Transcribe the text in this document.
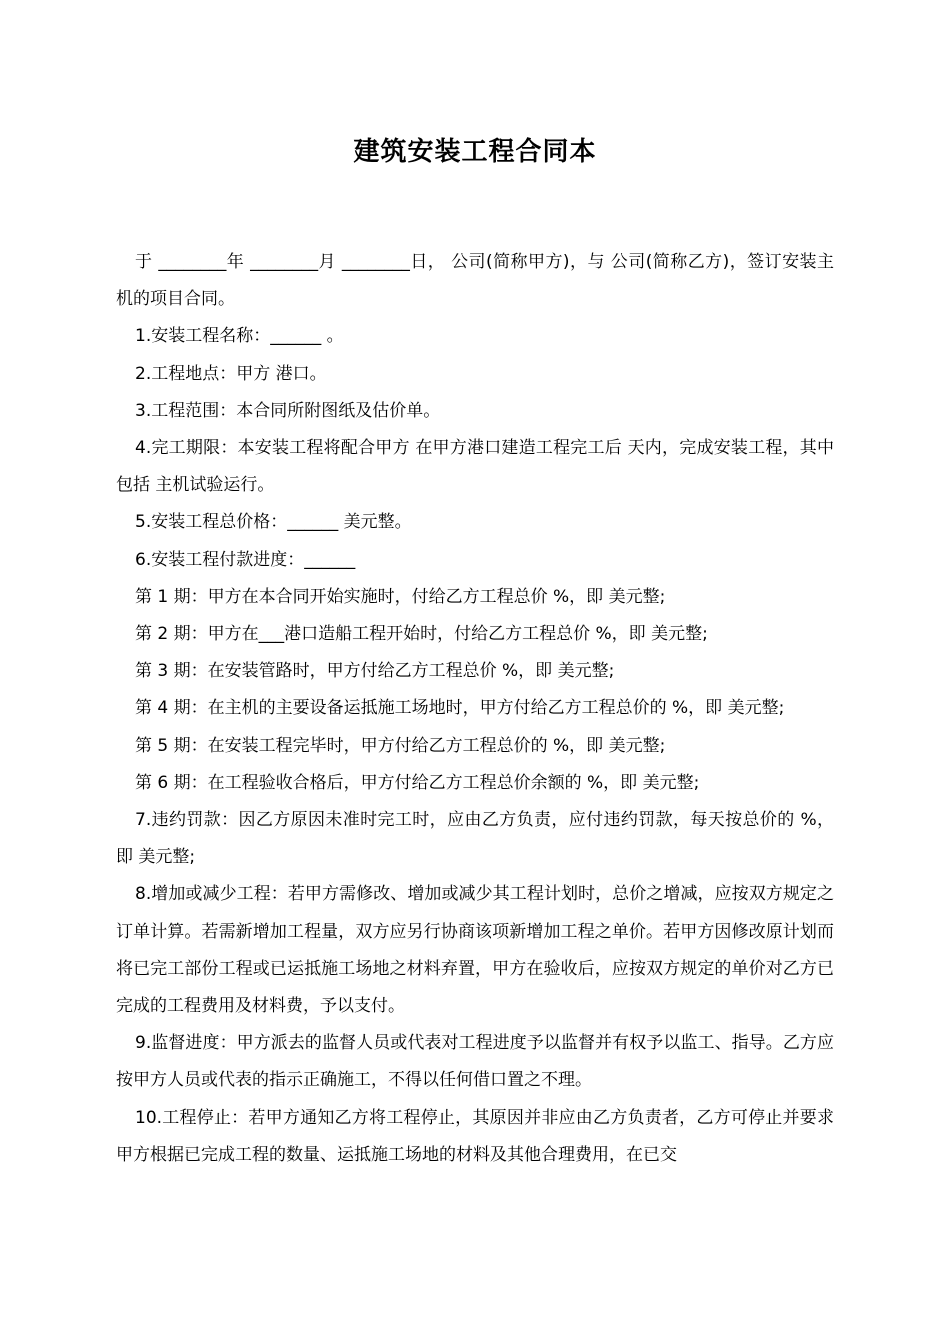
建筑安装工程合同本

于 ________年 ________月 ________日， 公司(简称甲方)，与 公司(简称乙方)，签订安装主机的项目合同。

1.安装工程名称：______ 。

2.工程地点：甲方 港口。

3.工程范围：本合同所附图纸及估价单。

4.完工期限：本安装工程将配合甲方 在甲方港口建造工程完工后 天内，完成安装工程，其中包括 主机试验运行。

5.安装工程总价格：______ 美元整。

6.安装工程付款进度：______

第 1 期：甲方在本合同开始实施时，付给乙方工程总价 %，即 美元整;

第 2 期：甲方在___港口造船工程开始时，付给乙方工程总价 %，即 美元整;

第 3 期：在安装管路时，甲方付给乙方工程总价 %，即 美元整;

第 4 期：在主机的主要设备运抵施工场地时，甲方付给乙方工程总价的 %，即 美元整;

第 5 期：在安装工程完毕时，甲方付给乙方工程总价的 %，即 美元整;

第 6 期：在工程验收合格后，甲方付给乙方工程总价余额的 %，即 美元整;

7.违约罚款：因乙方原因未准时完工时，应由乙方负责，应付违约罚款，每天按总价的 %，即 美元整;

8.增加或减少工程：若甲方需修改、增加或减少其工程计划时，总价之增减，应按双方规定之订单计算。若需新增加工程量，双方应另行协商该项新增加工程之单价。若甲方因修改原计划而将已完工部份工程或已运抵施工场地之材料弃置，甲方在验收后，应按双方规定的单价对乙方已完成的工程费用及材料费，予以支付。

9.监督进度：甲方派去的监督人员或代表对工程进度予以监督并有权予以监工、指导。乙方应按甲方人员或代表的指示正确施工，不得以任何借口置之不理。

10.工程停止：若甲方通知乙方将工程停止，其原因并非应由乙方负责者，乙方可停止并要求甲方根据已完成工程的数量、运抵施工场地的材料及其他合理费用，在已交
